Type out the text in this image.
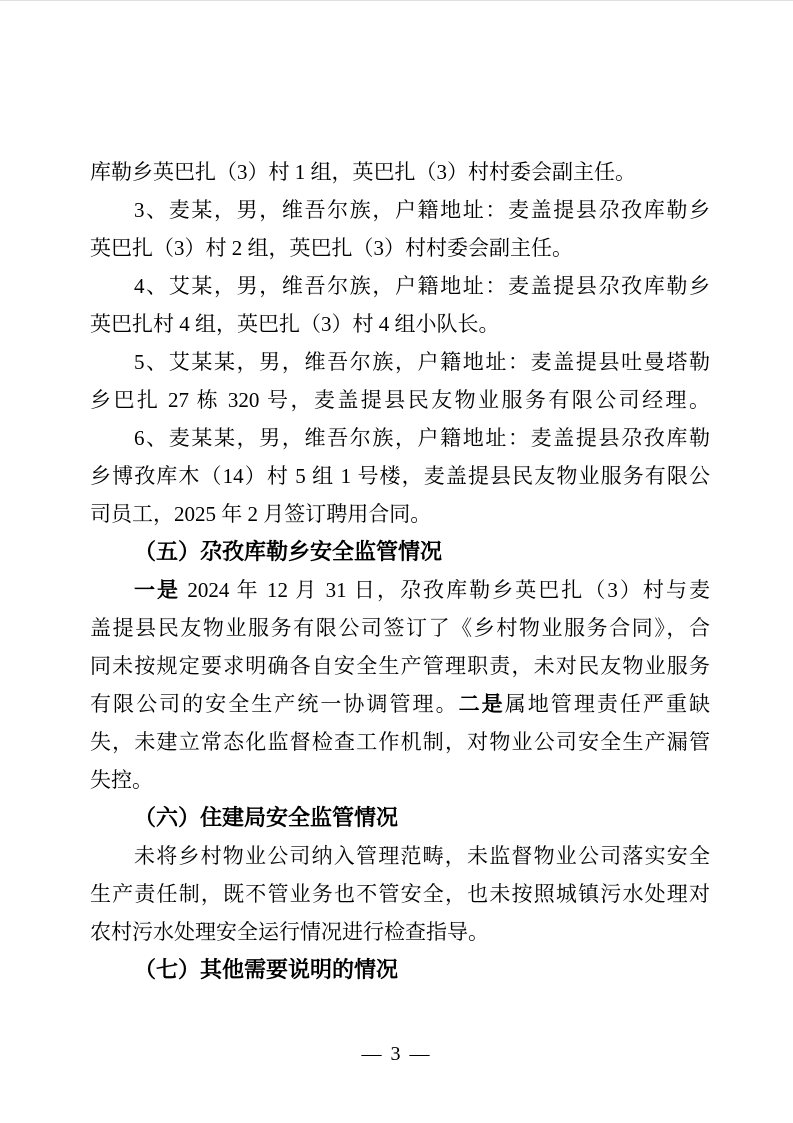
库勒乡英巴扎（3）村 1 组，英巴扎（3）村村委会副主任。
3、麦某，男，维吾尔族，户籍地址：麦盖提县尕孜库勒乡
英巴扎（3）村 2 组，英巴扎（3）村村委会副主任。
4、艾某，男，维吾尔族，户籍地址：麦盖提县尕孜库勒乡
英巴扎村 4 组，英巴扎（3）村 4 组小队长。
5、艾某某，男，维吾尔族，户籍地址：麦盖提县吐曼塔勒
乡巴扎 27 栋 320 号，麦盖提县民友物业服务有限公司经理。
6、麦某某，男，维吾尔族，户籍地址：麦盖提县尕孜库勒
乡博孜库木（14）村 5 组 1 号楼，麦盖提县民友物业服务有限公
司员工，2025 年 2 月签订聘用合同。
（五）尕孜库勒乡安全监管情况
一是 2024 年 12 月 31 日，尕孜库勒乡英巴扎（3）村与麦
盖提县民友物业服务有限公司签订了《乡村物业服务合同》，合
同未按规定要求明确各自安全生产管理职责，未对民友物业服务
有限公司的安全生产统一协调管理。二是属地管理责任严重缺
失，未建立常态化监督检查工作机制，对物业公司安全生产漏管
失控。
（六）住建局安全监管情况
未将乡村物业公司纳入管理范畴，未监督物业公司落实安全
生产责任制，既不管业务也不管安全，也未按照城镇污水处理对
农村污水处理安全运行情况进行检查指导。
（七）其他需要说明的情况
— 3 —
